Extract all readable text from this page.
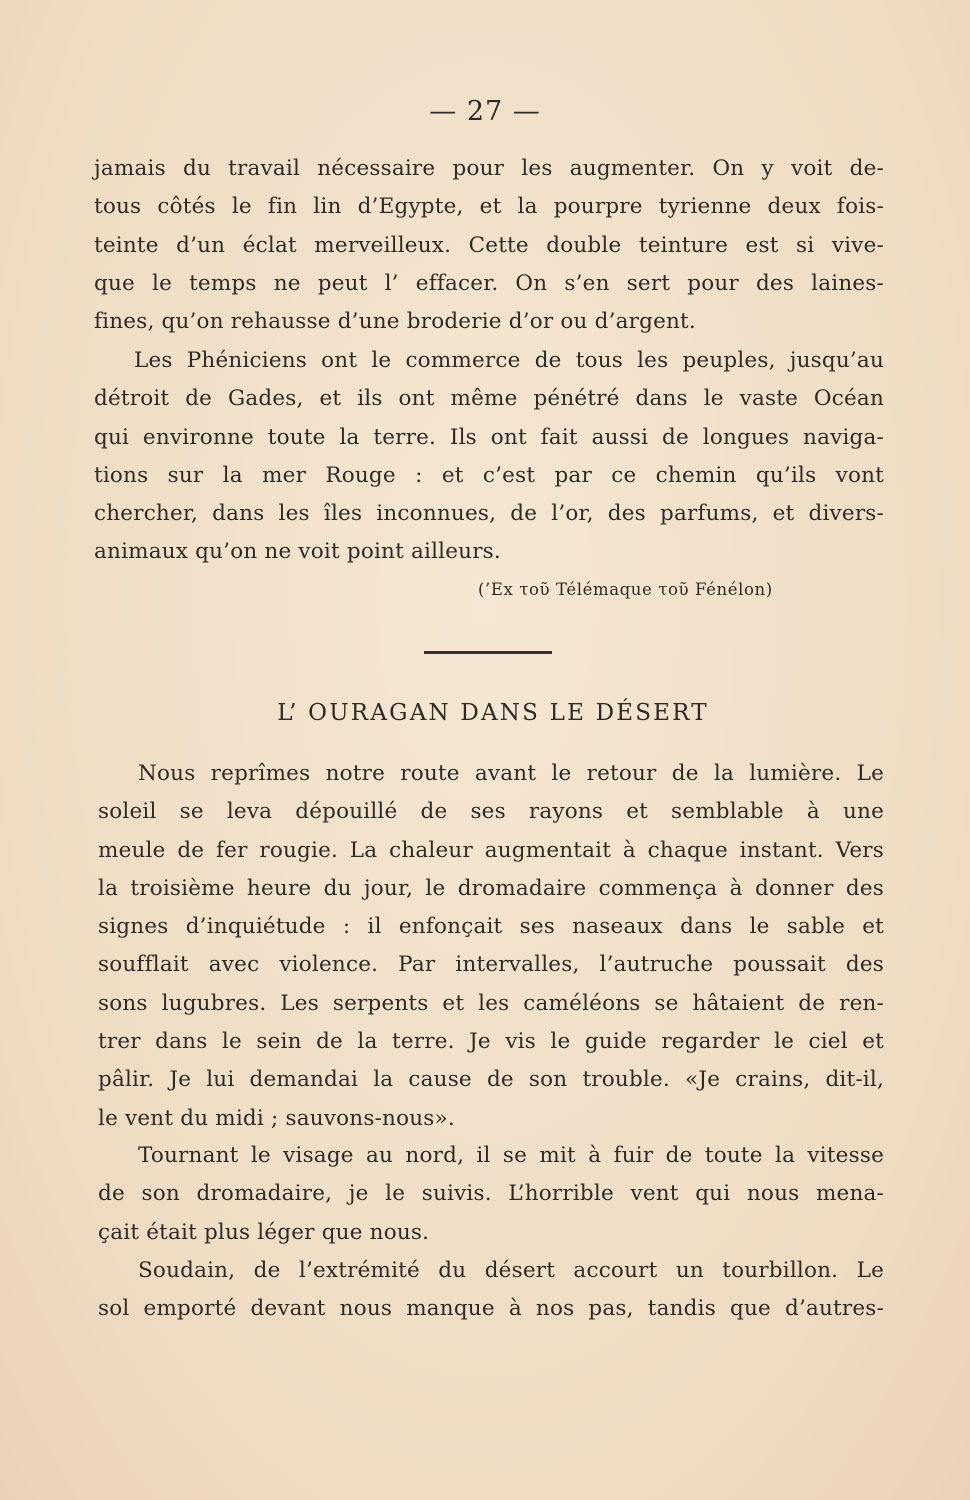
— 27 —
jamais du travail nécessaire pour les augmenter. On y voit de-
tous côtés le fin lin d’Egypte, et la pourpre tyrienne deux fois-
teinte d’un éclat merveilleux. Cette double teinture est si vive-
que le temps ne peut l’ effacer. On s’en sert pour des laines-
fines, qu’on rehausse d’une broderie d’or ou d’argent.
Les Phéniciens ont le commerce de tous les peuples, jusqu’au
détroit de Gades, et ils ont même pénétré dans le vaste Océan
qui environne toute la terre. Ils ont fait aussi de longues naviga-
tions sur la mer Rouge : et c’est par ce chemin qu’ils vont
chercher, dans les îles inconnues, de l’or, des parfums, et divers-
animaux qu’on ne voit point ailleurs.
(’Ex τοῦ Télémaque τοῦ Fénélon)
L’ OURAGAN DANS LE DÉSERT
Nous reprîmes notre route avant le retour de la lumière. Le
soleil se leva dépouillé de ses rayons et semblable à une
meule de fer rougie. La chaleur augmentait à chaque instant. Vers
la troisième heure du jour, le dromadaire commença à donner des
signes d’inquiétude : il enfonçait ses naseaux dans le sable et
soufflait avec violence. Par intervalles, l’autruche poussait des
sons lugubres. Les serpents et les caméléons se hâtaient de ren-
trer dans le sein de la terre. Je vis le guide regarder le ciel et
pâlir. Je lui demandai la cause de son trouble. «Je crains, dit-il,
le vent du midi ; sauvons-nous».
Tournant le visage au nord, il se mit à fuir de toute la vitesse
de son dromadaire, je le suivis. L’horrible vent qui nous mena-
çait était plus léger que nous.
Soudain, de l’extrémité du désert accourt un tourbillon. Le
sol emporté devant nous manque à nos pas, tandis que d’autres-
